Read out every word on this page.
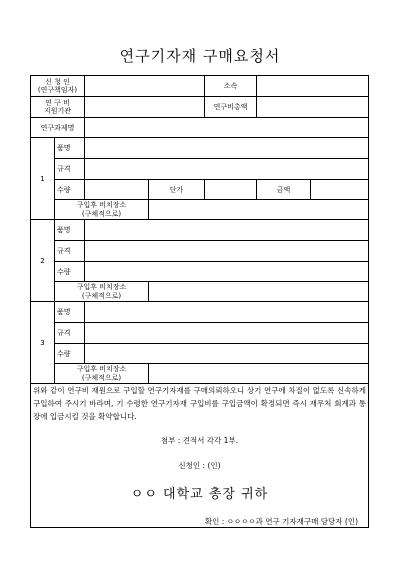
연구기자재 구매요청서
신 청 인
(연구책임자)				소속		
연 구 비
지원기관				연구비총액		
연구과제명						
1	품명					
	규격					
	수량		단가		금액	
	구입후 비치장소
(구체적으로)					
2	품명					
	규격					
	수량					
	구입후 비치장소
(구체적으로)					
3	품명					
	규격					
	수량					
	구입후 비치장소
(구체적으로)					

위와 같이 연구비 재원으로 구입할 연구기자재를 구매의뢰하오니 상기 연구에 차질이 없도록 신속하게 구입하여 주시기 바라며, 기 수령한 연구기자재 구입비를 구입금액이 확정되면 즉시 재무처 회계과 통장에 입금시킬 것을 확약합니다.
첨부 : 견적서 각각 1부.
신청인 : (인)
ㅇㅇ 대학교 총장 귀하
확인 : ㅇㅇㅇㅇ과 연구 기자재구매 담당자 (인)						
